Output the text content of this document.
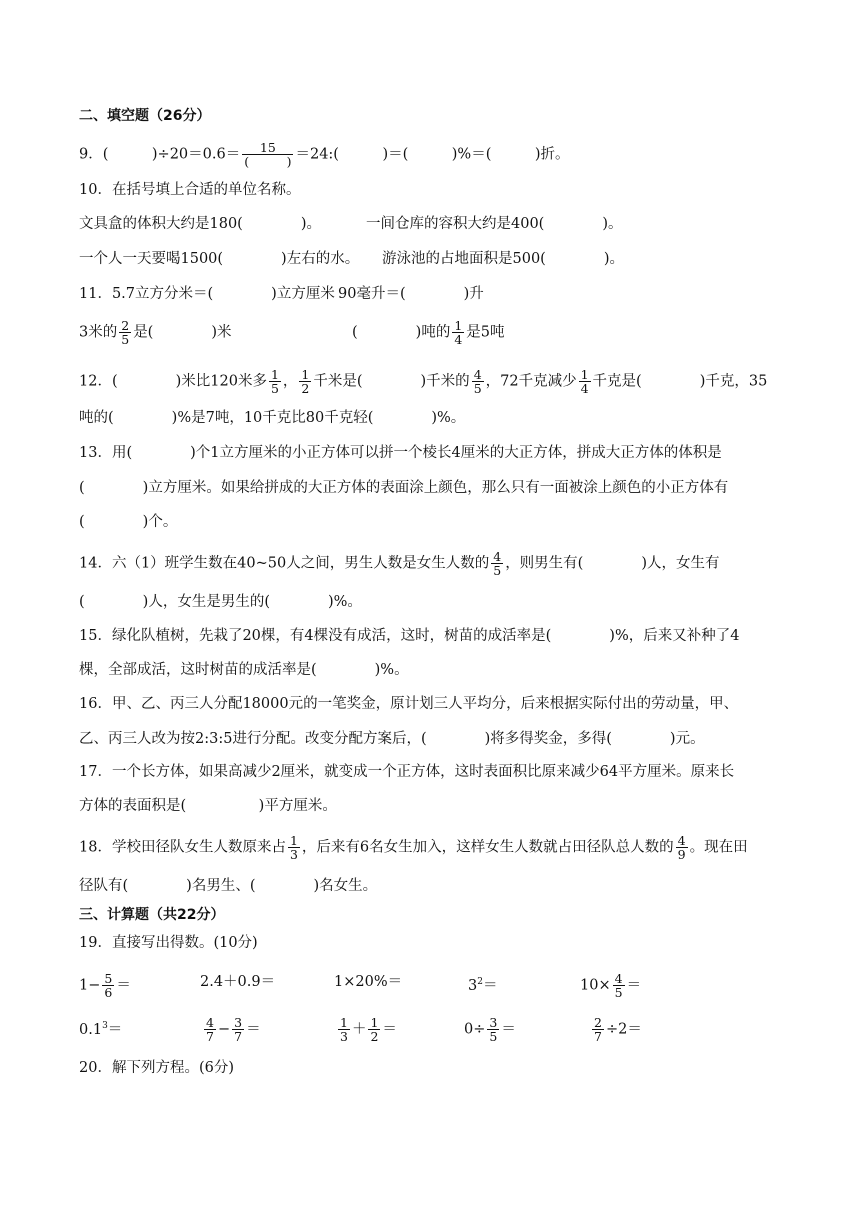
二、填空题（26分）
9．(　　　)$\div 20=0.6= \frac{15}{( )}$ ＝24:(　　　)＝(　　　)%＝(　　　)折。
10．在括号填上合适的单位名称。
文具盒的体积大约是180(　　　　)。	一间仓库的容积大约是400(　　　　)。
一个人一天要喝1500(　　　　)左右的水。 游泳池的占地面积是500(　　　　)。
11．5.7立方分米＝(　　　　)立方厘米 90毫升＝(　　　　)升
3米的 $\frac{2}{5}$ 是(　　　　)米	(　　　　)吨的 $\frac{1}{4}$ 是5吨
12．(　　　　)米比120米多 $\frac{1}{5}$ ， $\frac{1}{2}$ 千米是(　　　　)千米的 $\frac{4}{5}$ ，72千克减少 $\frac{1}{4}$ 千克是(　　　　)千克，35
吨的(　　　　)%是7吨，10千克比80千克轻(　　　　)%。
13．用(　　　　)个1立方厘米的小正方体可以拼一个棱长4厘米的大正方体，拼成大正方体的体积是
(　　　　)立方厘米。如果给拼成的大正方体的表面涂上颜色，那么只有一面被涂上颜色的小正方体有
(　　　　)个。
14．六（1）班学生数在40~50人之间，男生人数是女生人数的 $\frac{4}{5}$ ，则男生有(　　　　)人，女生有
(　　　　)人，女生是男生的(　　　　)%。
15．绿化队植树，先栽了20棵，有4棵没有成活，这时，树苗的成活率是(　　　　)%，后来又补种了4
棵，全部成活，这时树苗的成活率是(　　　　)%。
16．甲、乙、丙三人分配18000元的一笔奖金，原计划三人平均分，后来根据实际付出的劳动量，甲、
乙、丙三人改为按2:3:5进行分配。改变分配方案后，(　　　　)将多得奖金，多得(　　　　)元。
17．一个长方体，如果高减少2厘米，就变成一个正方体，这时表面积比原来减少64平方厘米。原来长
方体的表面积是(　　　　　)平方厘米。
18．学校田径队女生人数原来占 $\frac{1}{3}$ ，后来有6名女生加入，这样女生人数就占田径队总人数的 $\frac{4}{9}$ 。现在田
径队有(　　　　)名男生、(　　　　)名女生。
三、计算题（共22分）
19．直接写出得数。(10分)
$1- \frac{5}{6}$ ＝	2.4＋0.9＝	1×20%＝	$3^2=$	$10\times \frac{4}{5}$ ＝
$0.1^3=$	$\frac{4}{7} - \frac{3}{7}$ ＝	$\frac{1}{3} + \frac{1}{2}$ ＝	$0\div \frac{3}{5}$ ＝	$\frac{2}{7} \div 2=$
20．解下列方程。(6分)
